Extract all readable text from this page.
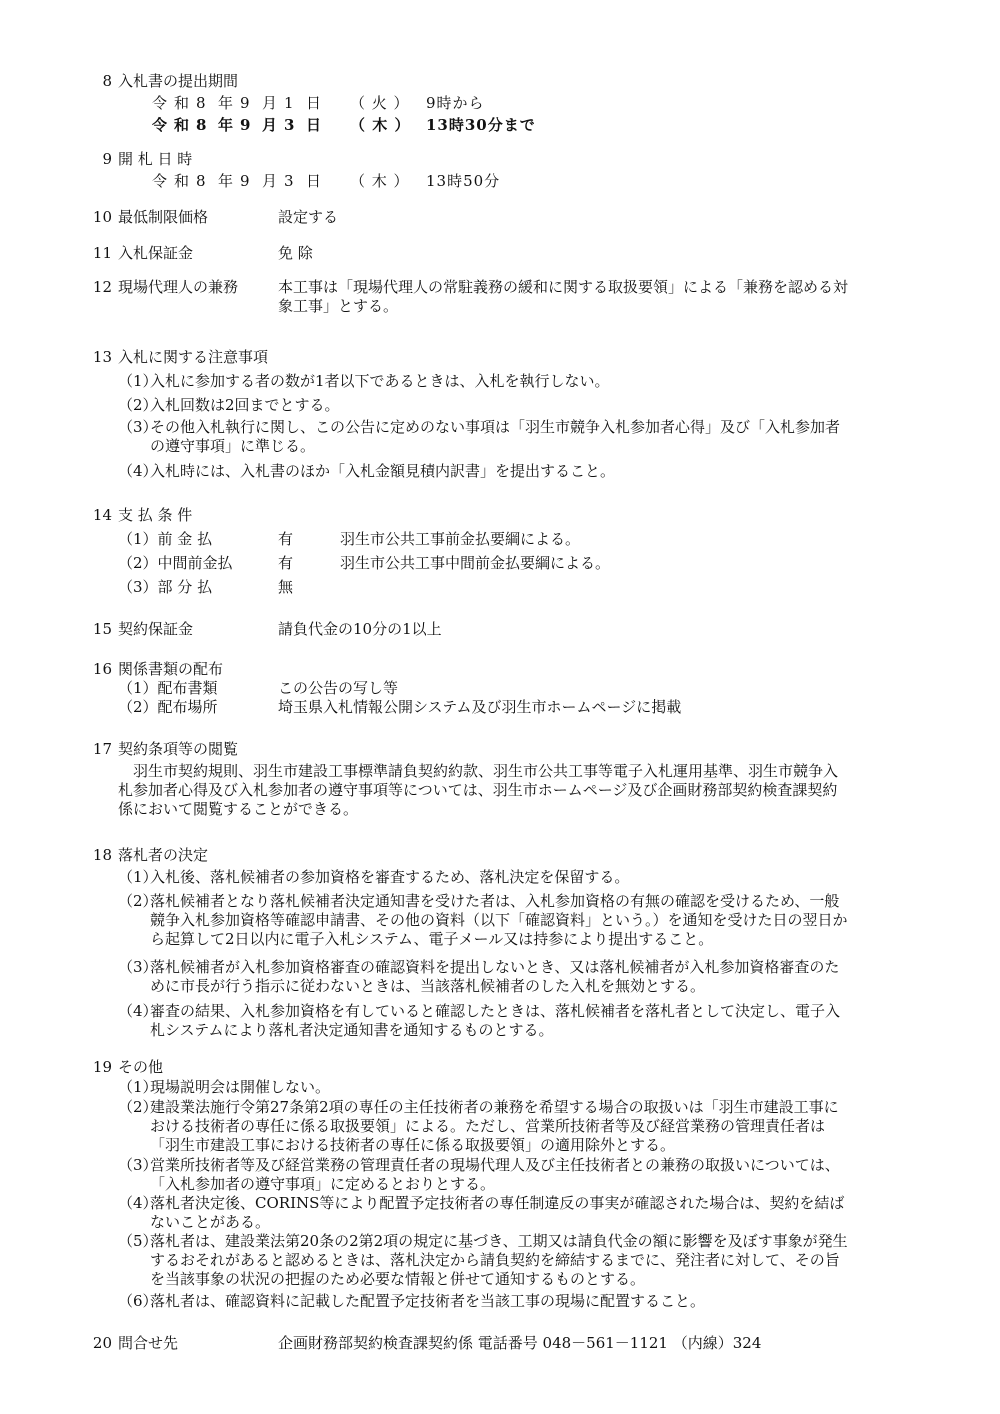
8 入札書の提出期間
令 和 8 年 9 月 1 日 （ 火 ） 9時から
令 和 8 年 9 月 3 日 （ 木 ） 13時30分まで
9 開 札 日 時
令 和 8 年 9 月 3 日 （ 木 ） 13時50分
10 最低制限価格	設定する
11 入札保証金	免 除
12 現場代理人の兼務	本工事は「現場代理人の常駐義務の緩和に関する取扱要領」による「兼務を認める対象工事」とする。
13 入札に関する注意事項
（1）
入札に参加する者の数が1者以下であるときは、入札を執行しない。
（2）
入札回数は2回までとする。
（3）
その他入札執行に関し、この公告に定めのない事項は「羽生市競争入札参加者心得」及び「入札参加者の遵守事項」に準じる。
（4）
入札時には、入札書のほか「入札金額見積内訳書」を提出すること。
14 支 払 条 件
（1）前 金 払	有	羽生市公共工事前金払要綱による。
（2）中間前金払	有	羽生市公共工事中間前金払要綱による。
（3）部 分 払	無
15 契約保証金	請負代金の10分の1以上
16 関係書類の配布
（1）配布書類	この公告の写し等
（2）配布場所	埼玉県入札情報公開システム及び羽生市ホームページに掲載
17 契約条項等の閲覧
羽生市契約規則、羽生市建設工事標準請負契約約款、羽生市公共工事等電子入札運用基準、羽生市競争入札参加者心得及び入札参加者の遵守事項等については、羽生市ホームページ及び企画財務部契約検査課契約係において閲覧することができる。
18 落札者の決定
（1）
入札後、落札候補者の参加資格を審査するため、落札決定を保留する。
（2）
落札候補者となり落札候補者決定通知書を受けた者は、入札参加資格の有無の確認を受けるため、一般競争入札参加資格等確認申請書、その他の資料（以下「確認資料」という。）を通知を受けた日の翌日から起算して2日以内に電子入札システム、電子メール又は持参により提出すること。
（3）
落札候補者が入札参加資格審査の確認資料を提出しないとき、又は落札候補者が入札参加資格審査のために市長が行う指示に従わないときは、当該落札候補者のした入札を無効とする。
（4）
審査の結果、入札参加資格を有していると確認したときは、落札候補者を落札者として決定し、電子入札システムにより落札者決定通知書を通知するものとする。
19 その他
（1）
現場説明会は開催しない。
（2）
建設業法施行令第27条第2項の専任の主任技術者の兼務を希望する場合の取扱いは「羽生市建設工事における技術者の専任に係る取扱要領」による。ただし、営業所技術者等及び経営業務の管理責任者は「羽生市建設工事における技術者の専任に係る取扱要領」の適用除外とする。
（3）
営業所技術者等及び経営業務の管理責任者の現場代理人及び主任技術者との兼務の取扱いについては、「入札参加者の遵守事項」に定めるとおりとする。
（4）
落札者決定後、CORINS等により配置予定技術者の専任制違反の事実が確認された場合は、契約を結ばないことがある。
（5）
落札者は、建設業法第20条の2第2項の規定に基づき、工期又は請負代金の額に影響を及ぼす事象が発生するおそれがあると認めるときは、落札決定から請負契約を締結するまでに、発注者に対して、その旨を当該事象の状況の把握のため必要な情報と併せて通知するものとする。
（6）
落札者は、確認資料に記載した配置予定技術者を当該工事の現場に配置すること。
20 問合せ先	企画財務部契約検査課契約係 電話番号 048－561－1121 （内線）324
